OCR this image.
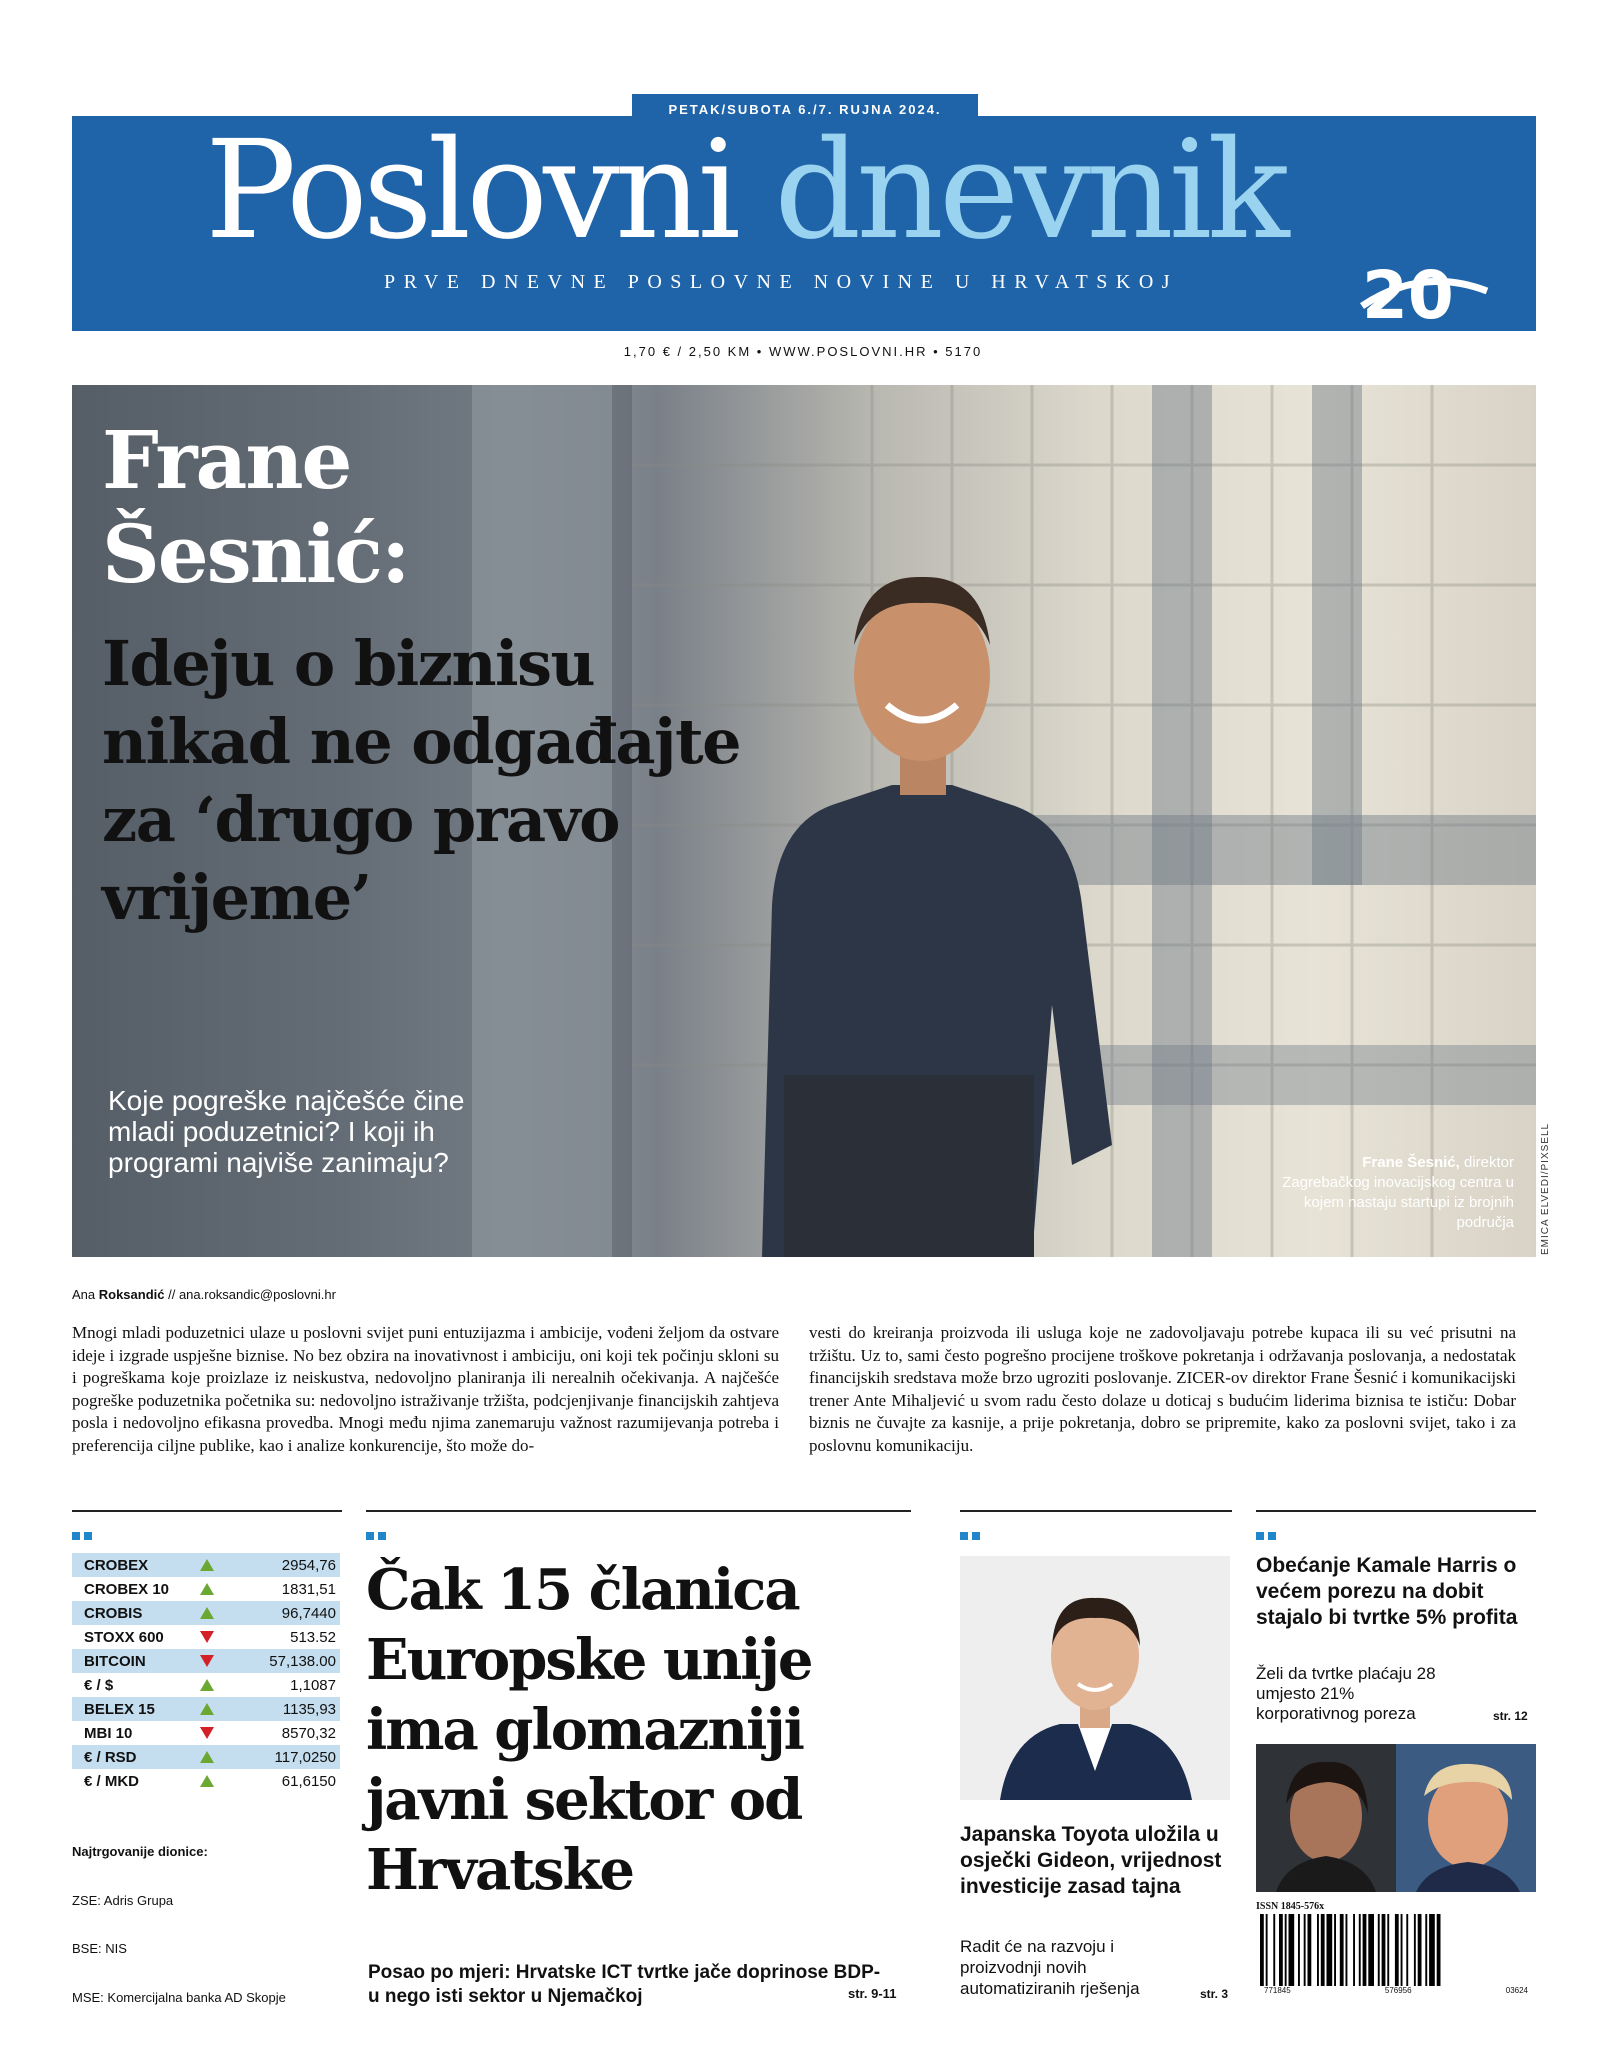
PETAK/SUBOTA 6./7. RUJNA 2024.
Poslovni dnevnik
PRVE DNEVNE POSLOVNE NOVINE U HRVATSKOJ	20
1,70 € / 2,50 KM • WWW.POSLOVNI.HR • 5170
Frane
Šesnić:
Ideju o biznisu nikad ne odgađajte za ‘drugo pravo vrijeme’
Koje pogreške najčešće čine mladi poduzetnici? I koji ih programi najviše zanimaju?	Frane Šesnić, direktor Zagrebačkog inovacijskog centra u kojem nastaju startupi iz brojnih područja	EMICA ELVEDI/PIXSELL
Ana Roksandić // ana.roksandic@poslovni.hr

Mnogi mladi poduzetnici ulaze u poslovni svijet puni entuzijazma i ambicije, vođeni željom da ostvare ideje i izgrade uspješne biznise. No bez obzira na inovativnost i ambiciju, oni koji tek počinju skloni su i pogreškama koje proizlaze iz neiskustva, nedovoljno planiranja ili nerealnih očekivanja. A najčešće pogreške poduzetnika početnika su: nedovoljno istraživanje tržišta, podcjenjivanje financijskih zahtjeva posla i nedovoljno efikasna provedba. Mnogi među njima zanemaruju važnost razumijevanja potreba i preferencija ciljne publike, kao i analize konkurencije, što može do-

vesti do kreiranja proizvoda ili usluga koje ne zadovoljavaju potrebe kupaca ili su već prisutni na tržištu. Uz to, sami često pogrešno procijene troškove pokretanja i održavanja poslovanja, a nedostatak financijskih sredstava može brzo ugroziti poslovanje. ZICER-ov direktor Frane Šesnić i komunikacijski trener Ante Mihaljević u svom radu često dolaze u doticaj s budućim liderima biznisa te ističu: Dobar biznis ne čuvajte za kasnije, a prije pokretanja, dobro se pripremite, kako za poslovni svijet, tako i za poslovnu komunikaciju.

CROBEX	2954,76
CROBEX 10	1831,51
CROBIS	96,7440
STOXX 600	513.52
BITCOIN	57,138.00
€ / $	1,1087
BELEX 15	1135,93
MBI 10	8570,32
€ / RSD	117,0250
€ / MKD	61,6150
Najtrgovanije dionice:
ZSE: Adris Grupa
BSE: NIS
MSE: Komercijalna banka AD Skopje
Čak 15 članica Europske unije ima glomazniji javni sektor od Hrvatske
Posao po mjeri: Hrvatske ICT tvrtke jače doprinose BDP-u nego isti sektor u Njemačkoj	str. 9-11
Japanska Toyota uložila u osječki Gideon, vrijednost investicije zasad tajna
Radit će na razvoju i proizvodnji novih automatiziranih rješenja	str. 3
Obećanje Kamale Harris o većem porezu na dobit stajalo bi tvrtke 5% profita
Želi da tvrtke plaćaju 28 umjesto 21% korporativnog poreza	str. 12
ISSN 1845-576x
771845	576956	03624
